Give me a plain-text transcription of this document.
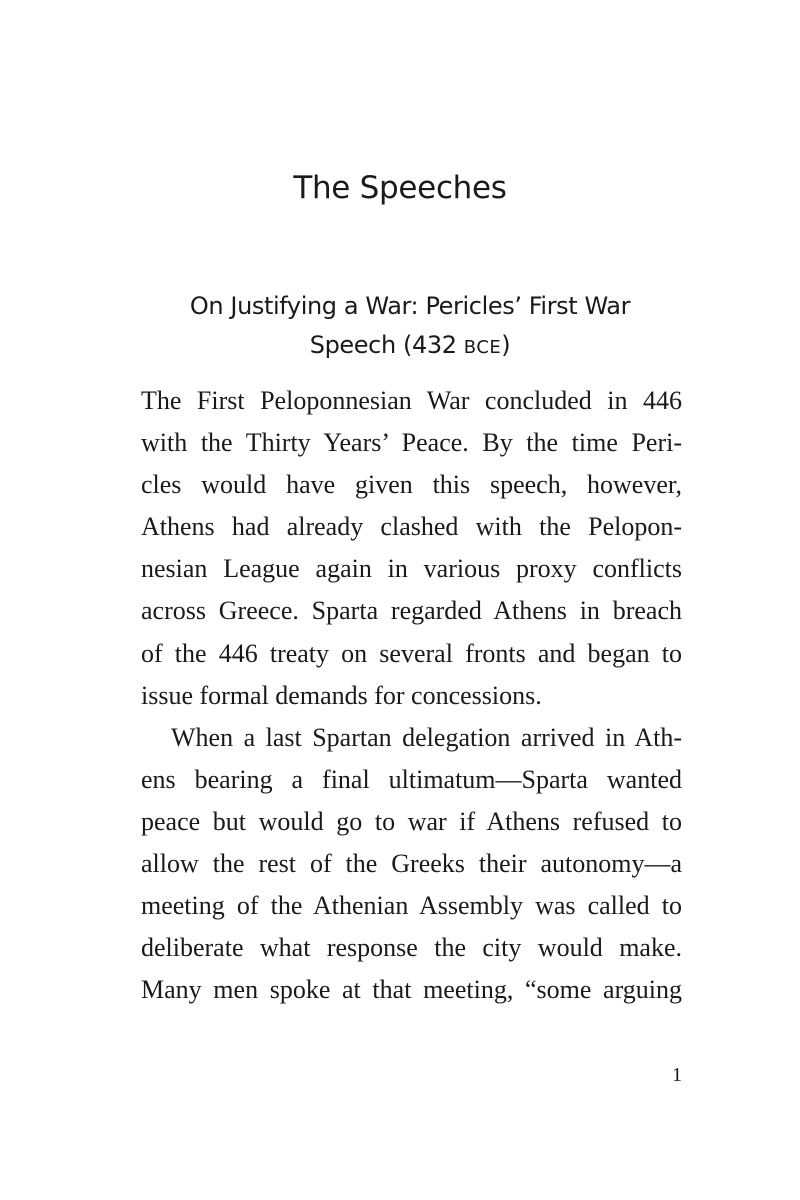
The Speeches
On Justifying a War: Pericles’ First War
Speech (432 BCE)

The First Peloponnesian War concluded in 446
with the Thirty Years’ Peace. By the time Peri-
cles would have given this speech, however,
Athens had already clashed with the Pelopon-
nesian League again in various proxy conflicts
across Greece. Sparta regarded Athens in breach
of the 446 treaty on several fronts and began to
issue formal demands for concessions.

When a last Spartan delegation arrived in Ath-
ens bearing a final ultimatum—Sparta wanted
peace but would go to war if Athens refused to
allow the rest of the Greeks their autonomy—a
meeting of the Athenian Assembly was called to
deliberate what response the city would make.
Many men spoke at that meeting, “some arguing

1
